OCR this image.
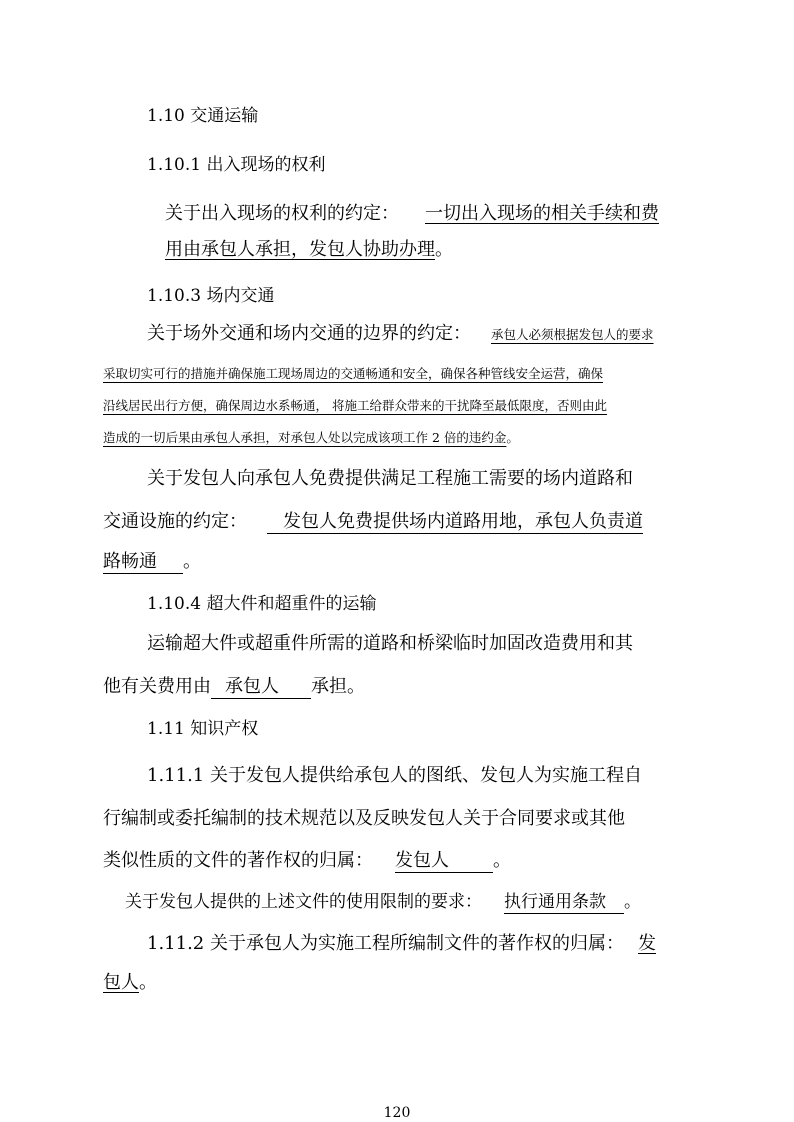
1.10 交通运输
1.10.1 出入现场的权利
关于出入现场的权利的约定： 一切出入现场的相关手续和费
用由承包人承担，发包人协助办理。
1.10.3 场内交通
关于场外交通和场内交通的边界的约定： 承包人必须根据发包人的要求
采取切实可行的措施并确保施工现场周边的交通畅通和安全，确保各种管线安全运营，确保
沿线居民出行方便，确保周边水系畅通， 将施工给群众带来的干扰降至最低限度，否则由此
造成的一切后果由承包人承担，对承包人处以完成该项工作 2 倍的违约金。
关于发包人向承包人免费提供满足工程施工需要的场内道路和
交通设施的约定： 发包人免费提供场内道路用地，承包人负责道
路畅通 。
1.10.4 超大件和超重件的运输
运输超大件或超重件所需的道路和桥梁临时加固改造费用和其
他有关费用由 承包人 承担。
1.11 知识产权
1.11.1 关于发包人提供给承包人的图纸、发包人为实施工程自
行编制或委托编制的技术规范以及反映发包人关于合同要求或其他
类似性质的文件的著作权的归属： 发包人 。
关于发包人提供的上述文件的使用限制的要求： 执行通用条款 。
1.11.2 关于承包人为实施工程所编制文件的著作权的归属： 发
包人。
120
